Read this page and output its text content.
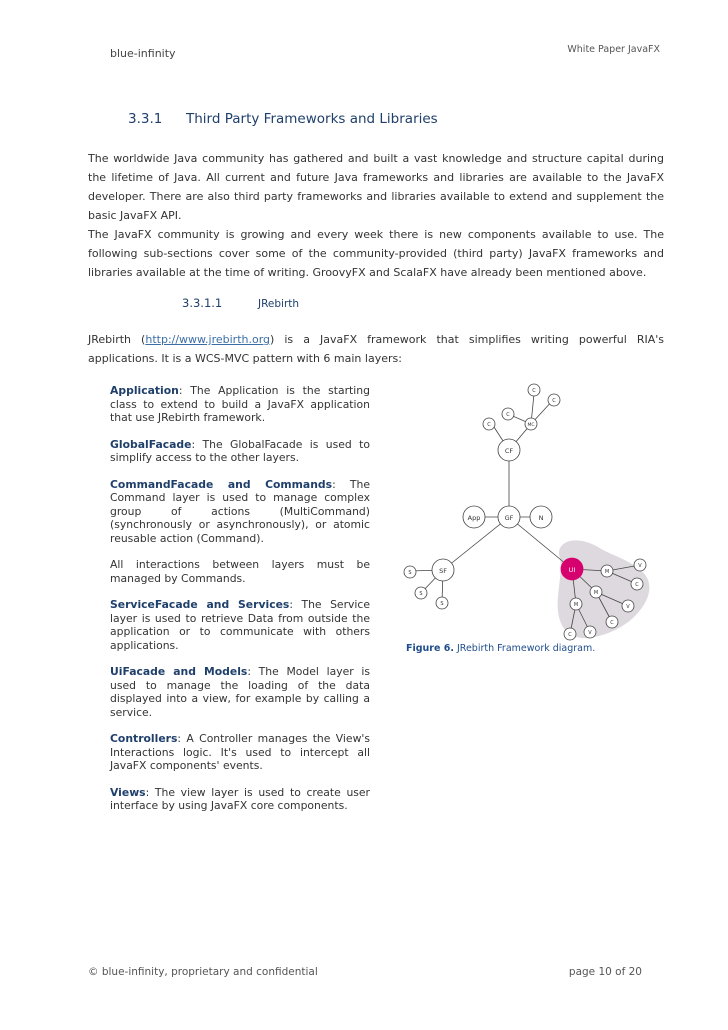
blue-infinity	White Paper JavaFX
3.3.1 Third Party Frameworks and Libraries
The worldwide Java community has gathered and built a vast knowledge and structure capital during the lifetime of Java. All current and future Java frameworks and libraries are available to the JavaFX developer. There are also third party frameworks and libraries available to extend and supplement the basic JavaFX API.
The JavaFX community is growing and every week there is new components available to use. The following sub-sections cover some of the community-provided (third party) JavaFX frameworks and libraries available at the time of writing. GroovyFX and ScalaFX have already been mentioned above.
3.3.1.1	JRebirth
JRebirth (http://www.jrebirth.org) is a JavaFX framework that simplifies writing powerful RIA's applications. It is a WCS-MVC pattern with 6 main layers:
Application: The Application is the starting class to extend to build a JavaFX application that use JRebirth framework.
GlobalFacade: The GlobalFacade is used to simplify access to the other layers.
CommandFacade and Commands: The Command layer is used to manage complex group of actions (MultiCommand) (synchronously or asynchronously), or atomic reusable action (Command).
All interactions between layers must be managed by Commands.
ServiceFacade and Services: The Service layer is used to retrieve Data from outside the application or to communicate with others applications.
UiFacade and Models: The Model layer is used to manage the loading of the data displayed into a view, for example by calling a service.
Controllers: A Controller manages the View's Interactions logic. It's used to intercept all JavaFX components' events.
Views: The view layer is used to create user interface by using JavaFX core components.
C
C
C
C	MC
CF
App	GF	N
SF
S
S
S
UI	M
V
C
M
V
C
M
C	V
Figure 6. JRebirth Framework diagram.
© blue-infinity, proprietary and confidential	page 10 of 20
